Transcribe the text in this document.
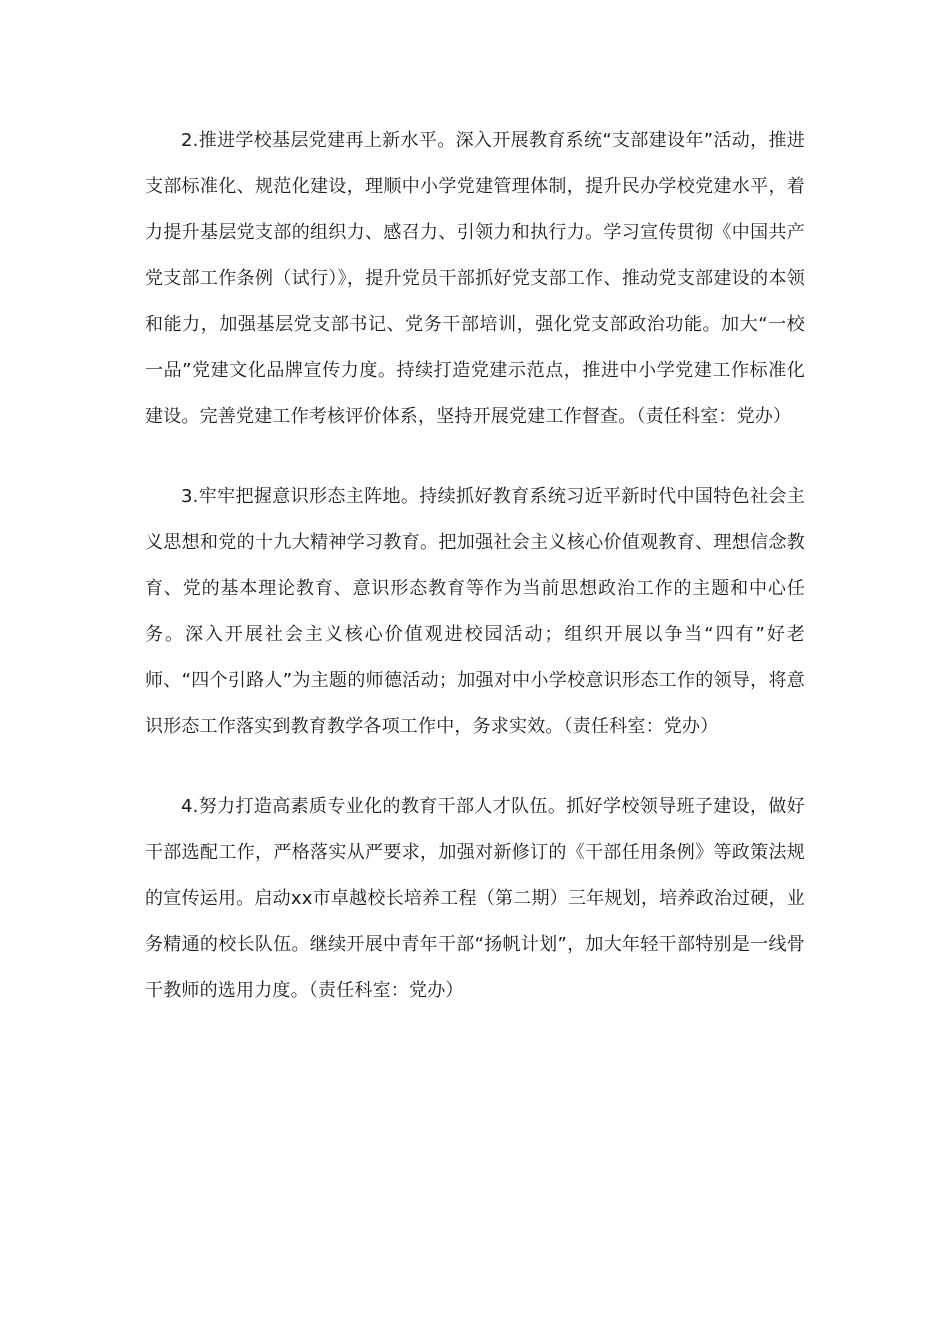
2.推进学校基层党建再上新水平。深入开展教育系统“支部建设年”活动，推进支部标准化、规范化建设，理顺中小学党建管理体制，提升民办学校党建水平，着力提升基层党支部的组织力、感召力、引领力和执行力。学习宣传贯彻《中国共产党支部工作条例（试行）》，提升党员干部抓好党支部工作、推动党支部建设的本领和能力，加强基层党支部书记、党务干部培训，强化党支部政治功能。加大“一校一品”党建文化品牌宣传力度。持续打造党建示范点，推进中小学党建工作标准化建设。完善党建工作考核评价体系，坚持开展党建工作督查。（责任科室：党办）

3.牢牢把握意识形态主阵地。持续抓好教育系统习近平新时代中国特色社会主义思想和党的十九大精神学习教育。把加强社会主义核心价值观教育、理想信念教育、党的基本理论教育、意识形态教育等作为当前思想政治工作的主题和中心任务。深入开展社会主义核心价值观进校园活动；组织开展以争当“四有”好老师、“四个引路人”为主题的师德活动；加强对中小学校意识形态工作的领导，将意识形态工作落实到教育教学各项工作中，务求实效。（责任科室：党办）

4.努力打造高素质专业化的教育干部人才队伍。抓好学校领导班子建设，做好干部选配工作，严格落实从严要求，加强对新修订的《干部任用条例》等政策法规的宣传运用。启动xx市卓越校长培养工程（第二期）三年规划，培养政治过硬，业务精通的校长队伍。继续开展中青年干部“扬帆计划”，加大年轻干部特别是一线骨干教师的选用力度。（责任科室：党办）
